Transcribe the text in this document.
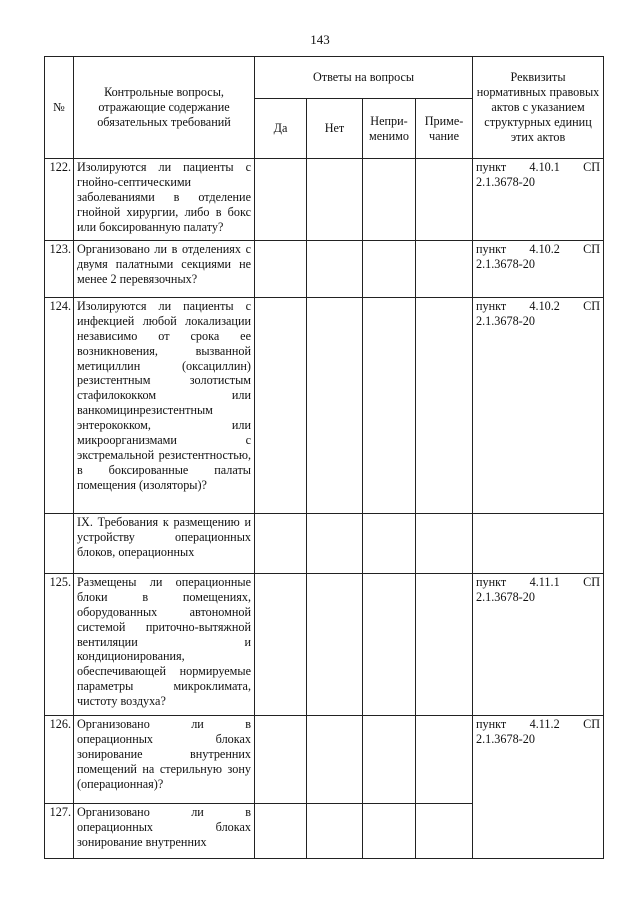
143
№	Контрольные вопросы, отражающие содержание обязательных требований	Ответы на вопросы				Реквизиты нормативных правовых актов с указанием структурных единиц этих актов
		Да	Нет	Непри-менимо	Приме-чание	
122.	Изолируются ли пациенты с гнойно-септическими заболеваниями в отделение гнойной хирургии, либо в бокс или боксированную палату?					пункт 4.10.1 СП 2.1.3678-20
123.	Организовано ли в отделениях с двумя палатными секциями не менее 2 перевязочных?					пункт 4.10.2 СП 2.1.3678-20
124.	Изолируются ли пациенты с инфекцией любой локализации независимо от срока ее возникновения, вызванной метициллин (оксациллин) резистентным золотистым стафилококком или ванкомицинрезистентным энтерококком, или микроорганизмами с экстремальной резистентностью, в боксированные палаты помещения (изоляторы)?					пункт 4.10.2 СП 2.1.3678-20
	IX. Требования к размещению и устройству операционных блоков, операционных					
125.	Размещены ли операционные блоки в помещениях, оборудованных автономной системой приточно-вытяжной вентиляции и кондиционирования, обеспечивающей нормируемые параметры микроклимата, чистоту воздуха?					пункт 4.11.1 СП 2.1.3678-20
126.	Организовано ли в операционных блоках зонирование внутренних помещений на стерильную зону (операционная)?					пункт 4.11.2 СП 2.1.3678-20
127.	Организовано ли в операционных блоках зонирование внутренних					
